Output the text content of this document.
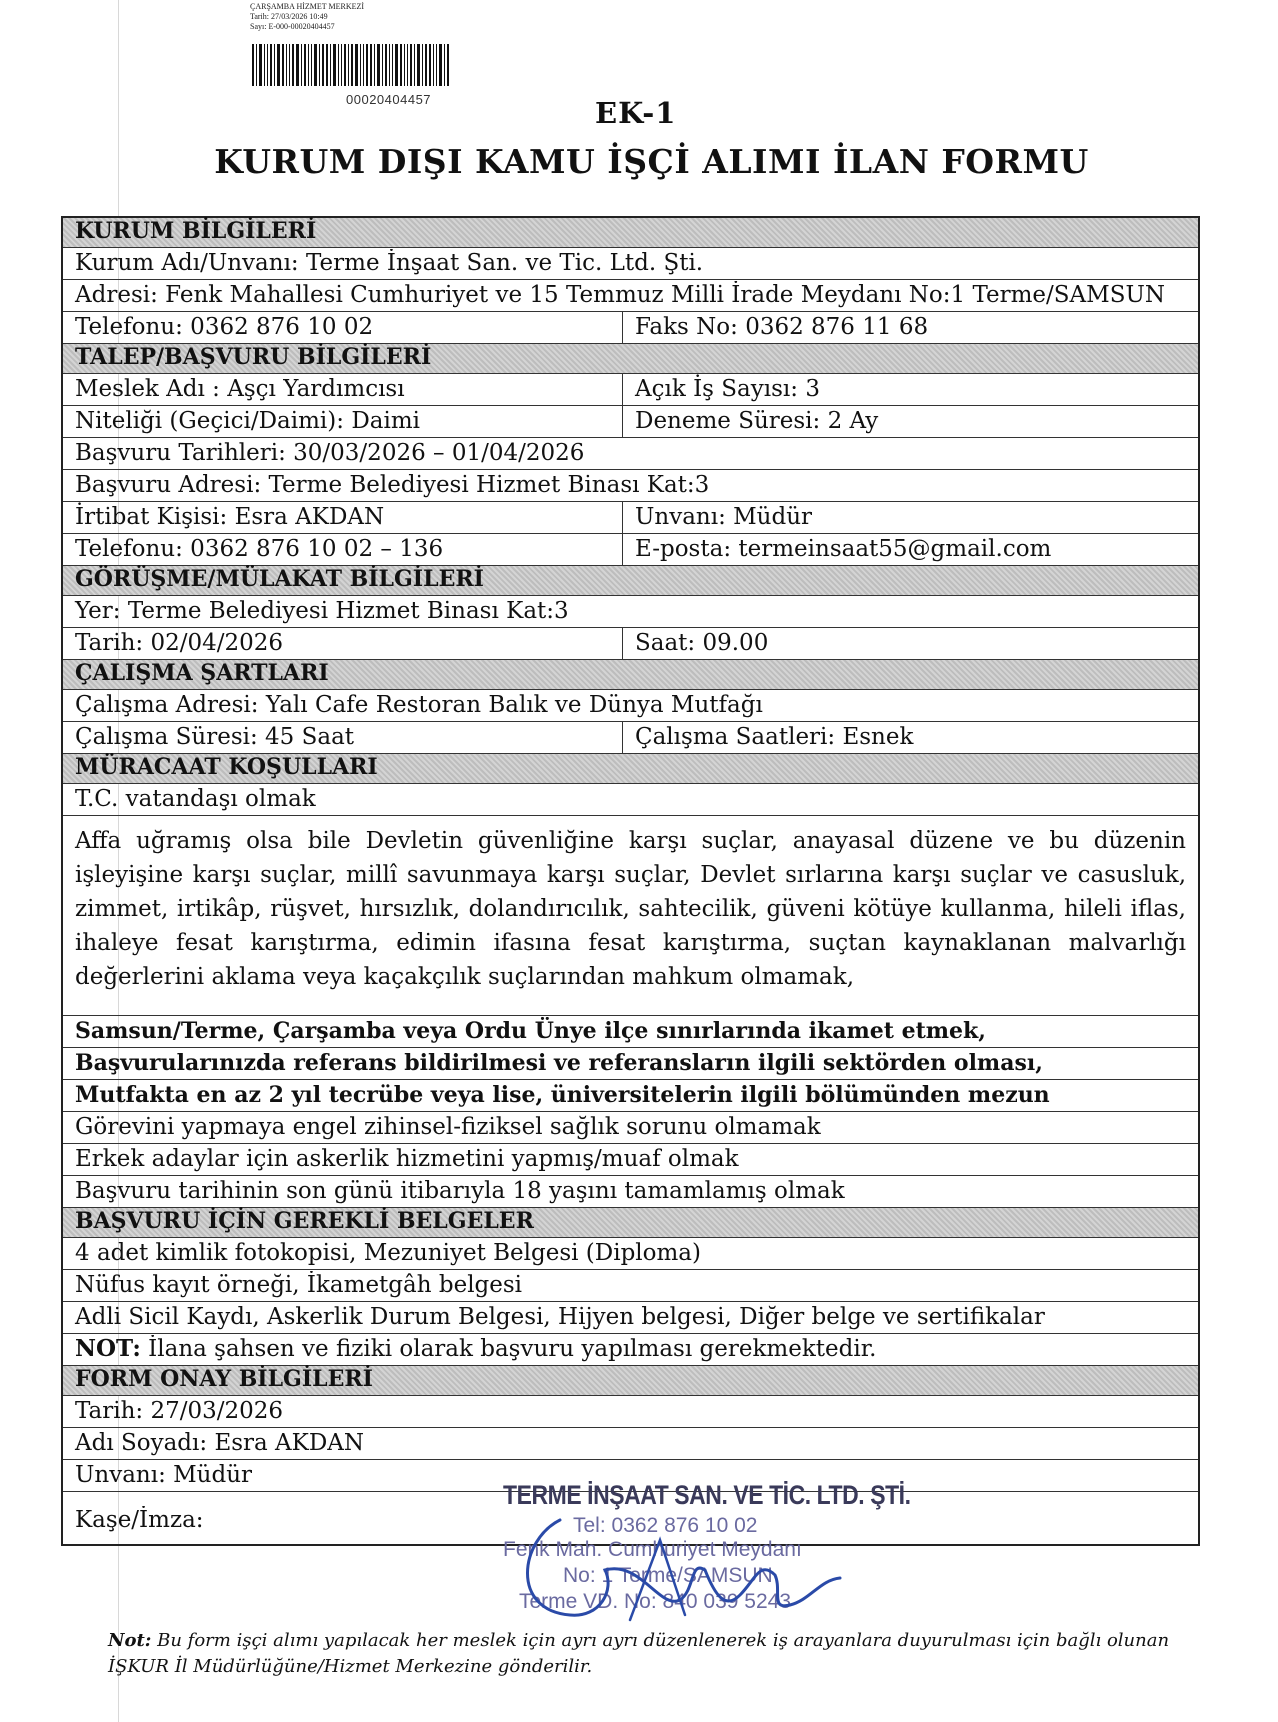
ÇARŞAMBA HİZMET MERKEZİ
Tarih: 27/03/2026 10:49
Sayı: E-000-00020404457
00020404457	EK-1
KURUM DIŞI KAMU İŞÇİ ALIMI İLAN FORMU
KURUM BİLGİLERİ
Kurum Adı/Unvanı: Terme İnşaat San. ve Tic. Ltd. Şti.
Adresi: Fenk Mahallesi Cumhuriyet ve 15 Temmuz Milli İrade Meydanı No:1 Terme/SAMSUN
Telefonu: 0362 876 10 02	Faks No: 0362 876 11 68
TALEP/BAŞVURU BİLGİLERİ
Meslek Adı : Aşçı Yardımcısı	Açık İş Sayısı: 3
Niteliği (Geçici/Daimi): Daimi	Deneme Süresi: 2 Ay
Başvuru Tarihleri: 30/03/2026 – 01/04/2026
Başvuru Adresi: Terme Belediyesi Hizmet Binası Kat:3
İrtibat Kişisi: Esra AKDAN	Unvanı: Müdür
Telefonu: 0362 876 10 02 – 136	E-posta: termeinsaat55@gmail.com
GÖRÜŞME/MÜLAKAT BİLGİLERİ
Yer: Terme Belediyesi Hizmet Binası Kat:3
Tarih: 02/04/2026	Saat: 09.00
ÇALIŞMA ŞARTLARI
Çalışma Adresi: Yalı Cafe Restoran Balık ve Dünya Mutfağı
Çalışma Süresi: 45 Saat	Çalışma Saatleri: Esnek
MÜRACAAT KOŞULLARI
T.C. vatandaşı olmak

Affa uğramış olsa bile Devletin güvenliğine karşı suçlar, anayasal düzene ve bu düzenin işleyişine karşı suçlar, millî savunmaya karşı suçlar, Devlet sırlarına karşı suçlar ve casusluk, zimmet, irtikâp, rüşvet, hırsızlık, dolandırıcılık, sahtecilik, güveni kötüye kullanma, hileli iflas, ihaleye fesat karıştırma, edimin ifasına fesat karıştırma, suçtan kaynaklanan malvarlığı değerlerini aklama veya kaçakçılık suçlarından mahkum olmamak,

Samsun/Terme, Çarşamba veya Ordu Ünye ilçe sınırlarında ikamet etmek,
Başvurularınızda referans bildirilmesi ve referansların ilgili sektörden olması,
Mutfakta en az 2 yıl tecrübe veya lise, üniversitelerin ilgili bölümünden mezun
Görevini yapmaya engel zihinsel-fiziksel sağlık sorunu olmamak
Erkek adaylar için askerlik hizmetini yapmış/muaf olmak
Başvuru tarihinin son günü itibarıyla 18 yaşını tamamlamış olmak
BAŞVURU İÇİN GEREKLİ BELGELER
4 adet kimlik fotokopisi, Mezuniyet Belgesi (Diploma)
Nüfus kayıt örneği, İkametgâh belgesi
Adli Sicil Kaydı, Askerlik Durum Belgesi, Hijyen belgesi, Diğer belge ve sertifikalar
NOT: İlana şahsen ve fiziki olarak başvuru yapılması gerekmektedir.
FORM ONAY BİLGİLERİ
Tarih: 27/03/2026
Adı Soyadı: Esra AKDAN
Unvanı: Müdür
Kaşe/İmza:
TERME İNŞAAT SAN. VE TİC. LTD. ŞTİ.
Tel: 0362 876 10 02
Fenk Mah. Cumhuriyet Meydanı
No: 1 Terme/SAMSUN
Terme VD. No: 840 039 5243
Not: Bu form işçi alımı yapılacak her meslek için ayrı ayrı düzenlenerek iş arayanlara duyurulması için bağlı olunan İŞKUR İl Müdürlüğüne/Hizmet Merkezine gönderilir.
